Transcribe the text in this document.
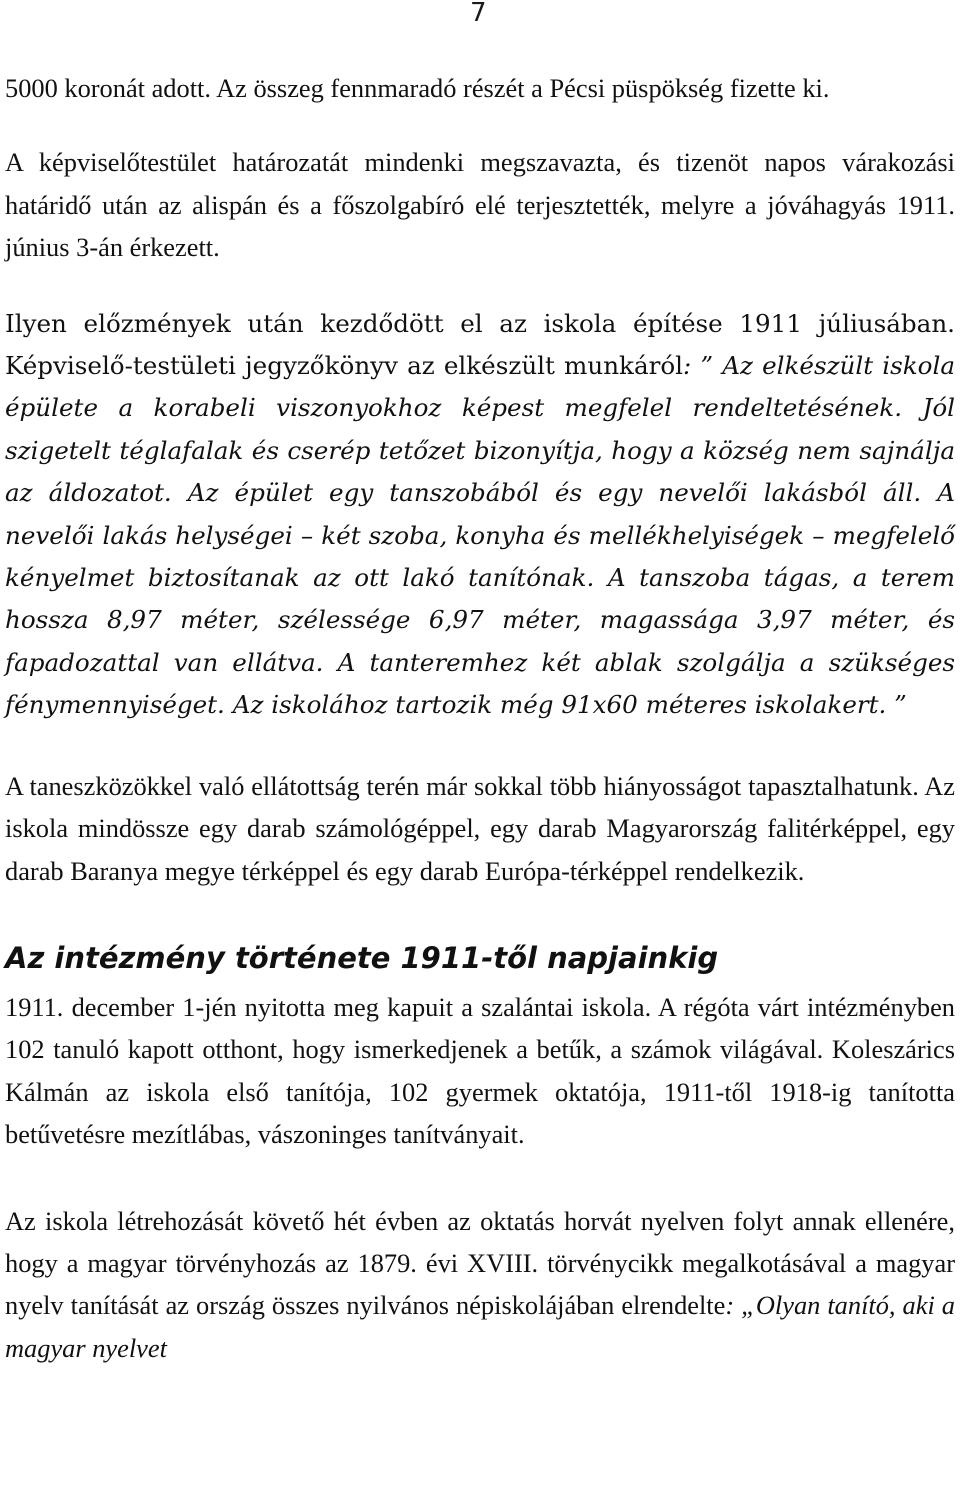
7

5000 koronát adott. Az összeg fennmaradó részét a Pécsi püspökség fizette ki.

A képviselőtestület határozatát mindenki megszavazta, és tizenöt napos várakozási határidő után az alispán és a főszolgabíró elé terjesztették, melyre a jóváhagyás 1911. június 3-án érkezett.

Ilyen előzmények után kezdődött el az iskola építése 1911 júliusában. Képviselő-testületi jegyzőkönyv az elkészült munkáról: ” Az elkészült iskola épülete a korabeli viszonyokhoz képest megfelel rendeltetésének. Jól szigetelt téglafalak és cserép tetőzet bizonyítja, hogy a község nem sajnálja az áldozatot. Az épület egy tanszobából és egy nevelői lakásból áll. A nevelői lakás helységei – két szoba, konyha és mellékhelyiségek – megfelelő kényelmet biztosítanak az ott lakó tanítónak. A tanszoba tágas, a terem hossza 8,97 méter, szélessége 6,97 méter, magassága 3,97 méter, és fapadozattal van ellátva. A tanteremhez két ablak szolgálja a szükséges fénymennyiséget. Az iskolához tartozik még 91x60 méteres iskolakert. ”

A taneszközökkel való ellátottság terén már sokkal több hiányosságot tapasztalhatunk. Az iskola mindössze egy darab számológéppel, egy darab Magyarország falitérképpel, egy darab Baranya megye térképpel és egy darab Európa-térképpel rendelkezik.

Az intézmény története 1911-től napjainkig

1911. december 1-jén nyitotta meg kapuit a szalántai iskola. A régóta várt intézményben 102 tanuló kapott otthont, hogy ismerkedjenek a betűk, a számok világával. Koleszárics Kálmán az iskola első tanítója, 102 gyermek oktatója, 1911-től 1918-ig tanította betűvetésre mezítlábas, vászoninges tanítványait.

Az iskola létrehozását követő hét évben az oktatás horvát nyelven folyt annak ellenére, hogy a magyar törvényhozás az 1879. évi XVIII. törvénycikk megalkotásával a magyar nyelv tanítását az ország összes nyilvános népiskolájában elrendelte: „Olyan tanító, aki a magyar nyelvet
